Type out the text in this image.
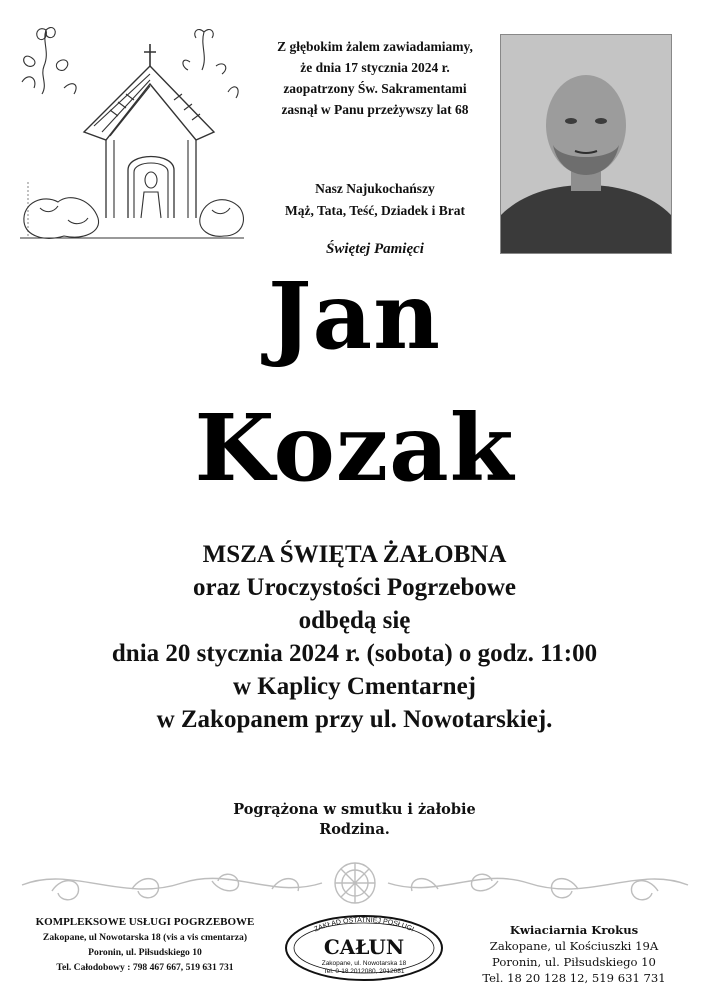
Z głębokim żalem zawiadamiamy,
że dnia 17 stycznia 2024 r.
zaopatrzony Św. Sakramentami
zasnął w Panu przeżywszy lat 68
Nasz Najukochańszy
Mąż, Tata, Teść, Dziadek i Brat
Świętej Pamięci
Jan
Kozak
MSZA ŚWIĘTA ŻAŁOBNA
oraz Uroczystości Pogrzebowe
odbędą się
dnia 20 stycznia 2024 r. (sobota) o godz. 11:00
w Kaplicy Cmentarnej
w Zakopanem przy ul. Nowotarskiej.
Pogrążona w smutku i żałobie
Rodzina.
KOMPLEKSOWE USŁUGI POGRZEBOWE
Zakopane, ul Nowotarska 18 (vis a vis cmentarza)
Poronin, ul. Piłsudskiego 10
Tel. Całodobowy : 798 467 667, 519 631 731
ZAKŁAD OSTATNIEJ POSŁUGI
CAŁUN
Zakopane, ul. Nowotarska 18
Tel. 0-18 2012080, 2012081
Kwiaciarnia Krokus
Zakopane, ul Kościuszki 19A
Poronin, ul. Piłsudskiego 10
Tel. 18 20 128 12, 519 631 731
